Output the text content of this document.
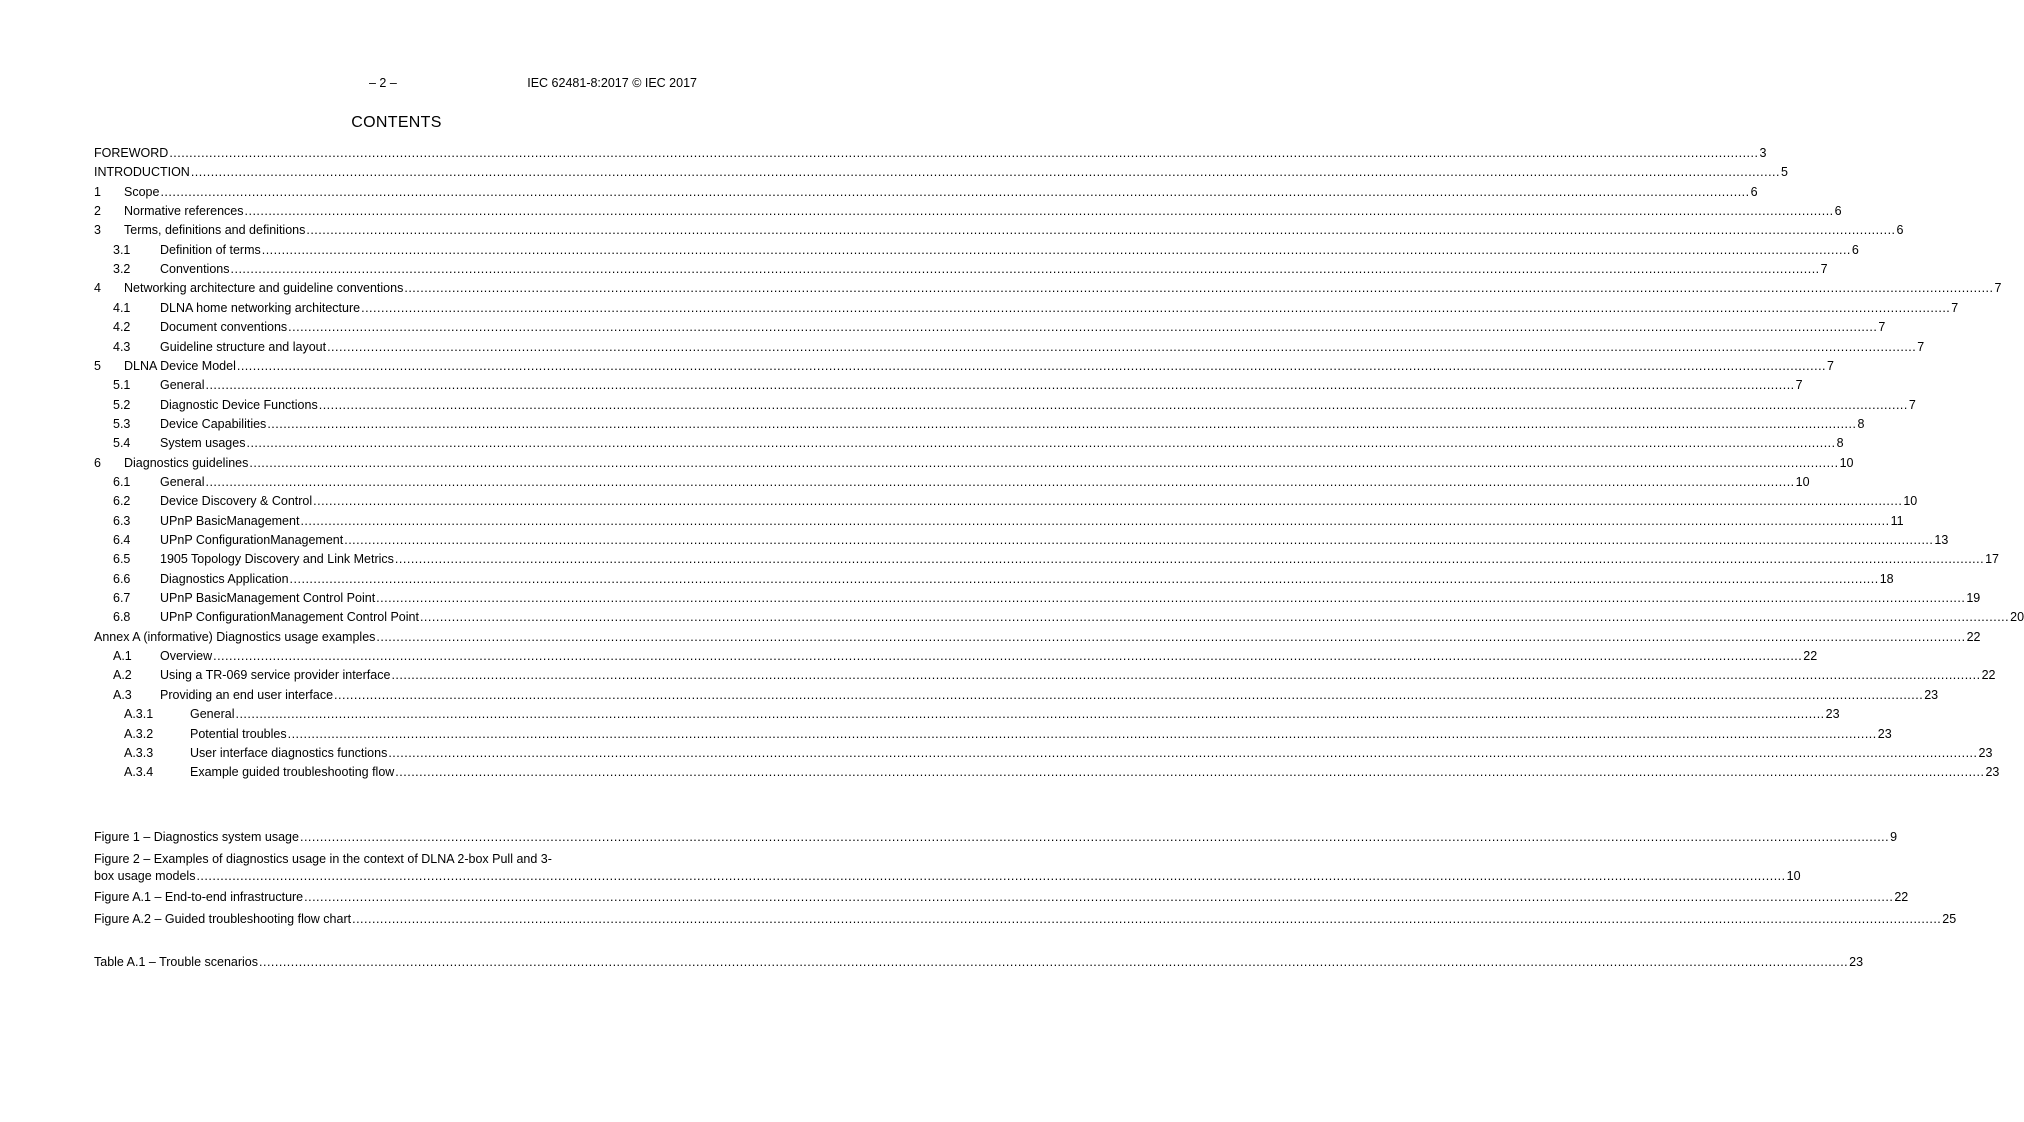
– 2 –	IEC 62481-8:2017 © IEC 2017
CONTENTS
FOREWORD ................................................................................................................................................................................................................................................................................................................................................................................................................ 3
INTRODUCTION ................................................................................................................................................................................................................................................................................................................................................................................................................ 5
1 Scope ................................................................................................................................................................................................................................................................................................................................................................................................................ 6
2 Normative references ................................................................................................................................................................................................................................................................................................................................................................................................................ 6
3 Terms, definitions and definitions ................................................................................................................................................................................................................................................................................................................................................................................................................ 6
3.1 Definition of terms ................................................................................................................................................................................................................................................................................................................................................................................................................ 6
3.2 Conventions ................................................................................................................................................................................................................................................................................................................................................................................................................ 7
4 Networking architecture and guideline conventions ................................................................................................................................................................................................................................................................................................................................................................................................................ 7
4.1 DLNA home networking architecture ................................................................................................................................................................................................................................................................................................................................................................................................................ 7
4.2 Document conventions ................................................................................................................................................................................................................................................................................................................................................................................................................ 7
4.3 Guideline structure and layout ................................................................................................................................................................................................................................................................................................................................................................................................................ 7
5 DLNA Device Model ................................................................................................................................................................................................................................................................................................................................................................................................................ 7
5.1 General ................................................................................................................................................................................................................................................................................................................................................................................................................ 7
5.2 Diagnostic Device Functions ................................................................................................................................................................................................................................................................................................................................................................................................................ 7
5.3 Device Capabilities ................................................................................................................................................................................................................................................................................................................................................................................................................ 8
5.4 System usages ................................................................................................................................................................................................................................................................................................................................................................................................................ 8
6 Diagnostics guidelines ................................................................................................................................................................................................................................................................................................................................................................................................................ 10
6.1 General ................................................................................................................................................................................................................................................................................................................................................................................................................ 10
6.2 Device Discovery & Control ................................................................................................................................................................................................................................................................................................................................................................................................................ 10
6.3 UPnP BasicManagement ................................................................................................................................................................................................................................................................................................................................................................................................................ 11
6.4 UPnP ConfigurationManagement ................................................................................................................................................................................................................................................................................................................................................................................................................ 13
6.5 1905 Topology Discovery and Link Metrics ................................................................................................................................................................................................................................................................................................................................................................................................................ 17
6.6 Diagnostics Application ................................................................................................................................................................................................................................................................................................................................................................................................................ 18
6.7 UPnP BasicManagement Control Point ................................................................................................................................................................................................................................................................................................................................................................................................................ 19
6.8 UPnP ConfigurationManagement Control Point ................................................................................................................................................................................................................................................................................................................................................................................................................ 20
Annex A (informative) Diagnostics usage examples ................................................................................................................................................................................................................................................................................................................................................................................................................ 22
A.1 Overview ................................................................................................................................................................................................................................................................................................................................................................................................................ 22
A.2 Using a TR-069 service provider interface ................................................................................................................................................................................................................................................................................................................................................................................................................ 22
A.3 Providing an end user interface ................................................................................................................................................................................................................................................................................................................................................................................................................ 23
A.3.1	General ................................................................................................................................................................................................................................................................................................................................................................................................................ 23
A.3.2	Potential troubles ................................................................................................................................................................................................................................................................................................................................................................................................................ 23
A.3.3	User interface diagnostics functions ................................................................................................................................................................................................................................................................................................................................................................................................................ 23
A.3.4	Example guided troubleshooting flow ................................................................................................................................................................................................................................................................................................................................................................................................................ 23
Figure 1 – Diagnostics system usage ................................................................................................................................................................................................................................................................................................................................................................................................................ 9
Figure 2 – Examples of diagnostics usage in the context of DLNA 2-box Pull and 3-
box usage models ................................................................................................................................................................................................................................................................................................................................................................................................................ 10
Figure A.1 – End-to-end infrastructure ................................................................................................................................................................................................................................................................................................................................................................................................................ 22
Figure A.2 – Guided troubleshooting flow chart ................................................................................................................................................................................................................................................................................................................................................................................................................ 25
Table A.1 – Trouble scenarios ................................................................................................................................................................................................................................................................................................................................................................................................................ 23
